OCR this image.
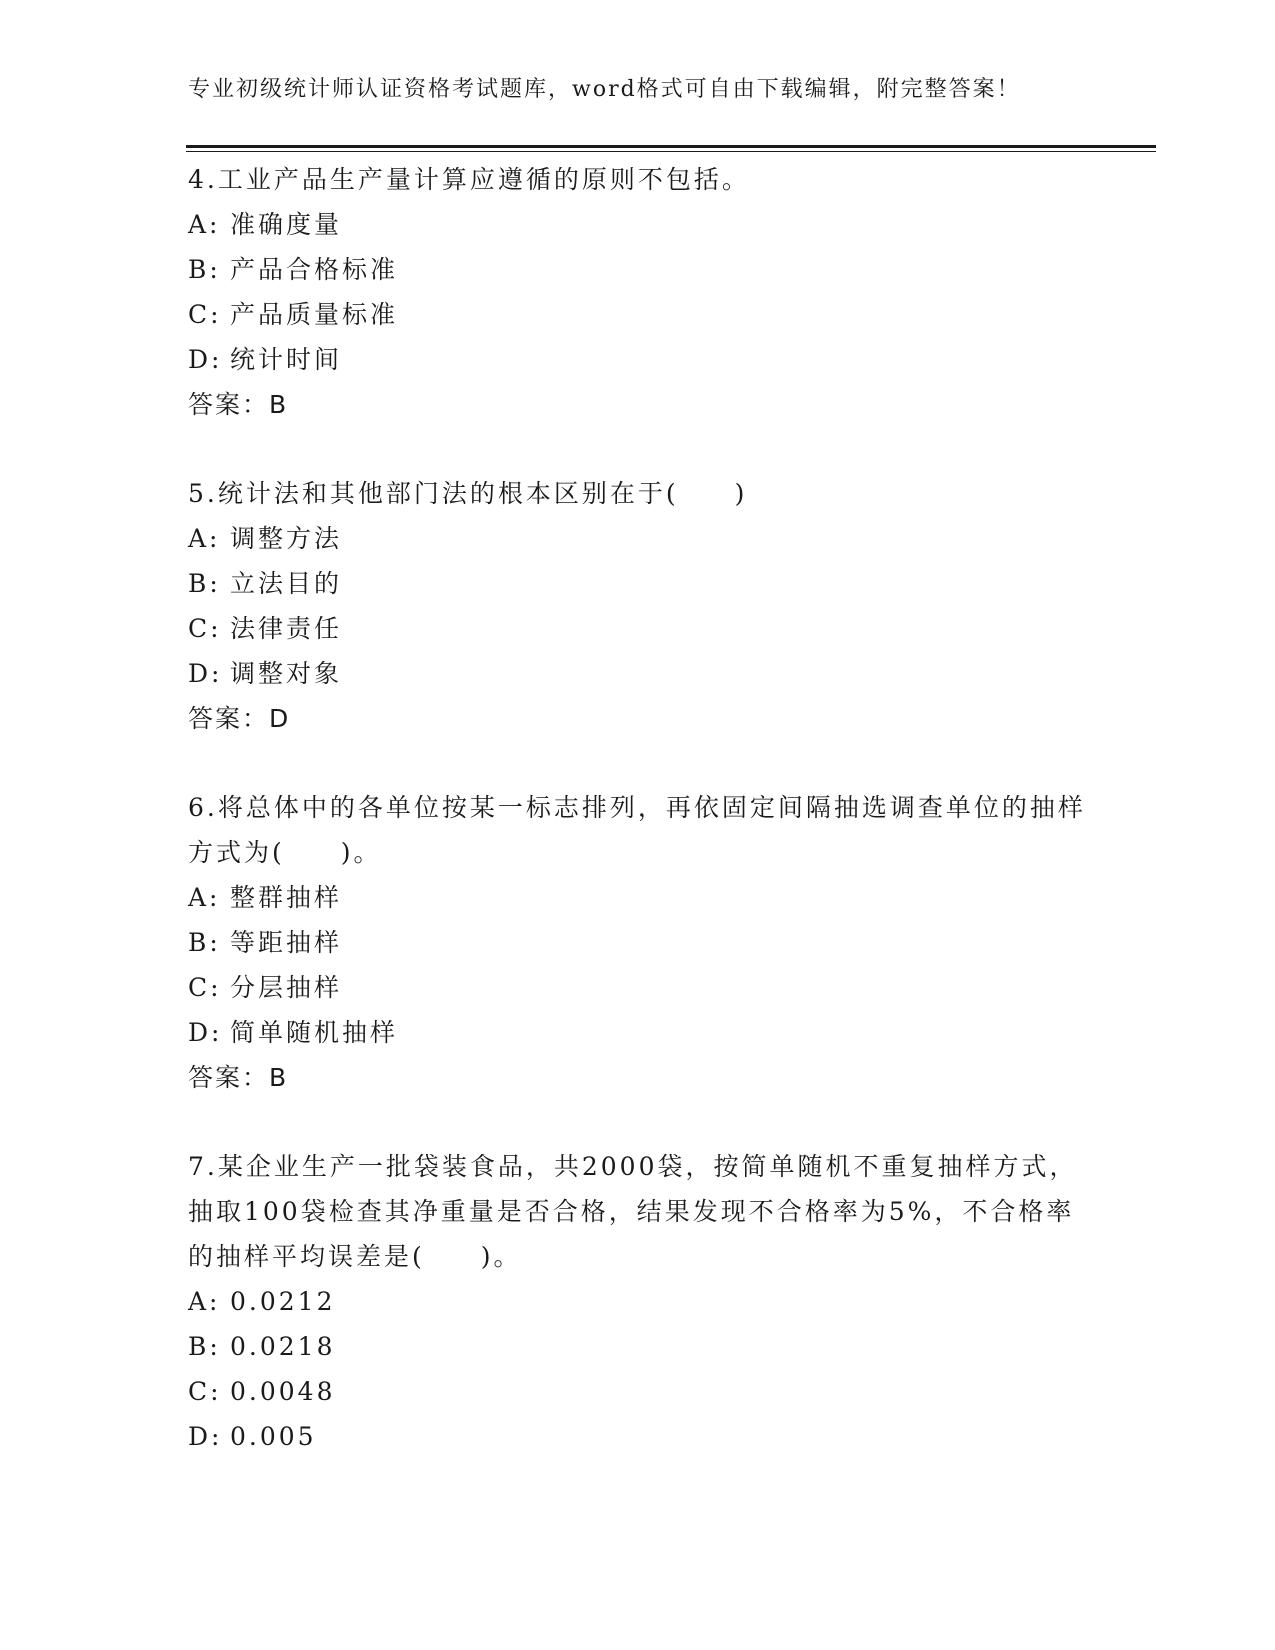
专业初级统计师认证资格考试题库，word格式可自由下载编辑，附完整答案！

4.工业产品生产量计算应遵循的原则不包括。

A: 准确度量

B: 产品合格标准

C: 产品质量标准

D: 统计时间

答案：B

5.统计法和其他部门法的根本区别在于(　　)

A: 调整方法

B: 立法目的

C: 法律责任

D: 调整对象

答案：D

6.将总体中的各单位按某一标志排列，再依固定间隔抽选调查单位的抽样方式为(　　)。

A: 整群抽样

B: 等距抽样

C: 分层抽样

D: 简单随机抽样

答案：B

7.某企业生产一批袋装食品，共2000袋，按简单随机不重复抽样方式，抽取100袋检查其净重量是否合格，结果发现不合格率为5%，不合格率的抽样平均误差是(　　)。

A: 0.0212

B: 0.0218

C: 0.0048

D: 0.005
